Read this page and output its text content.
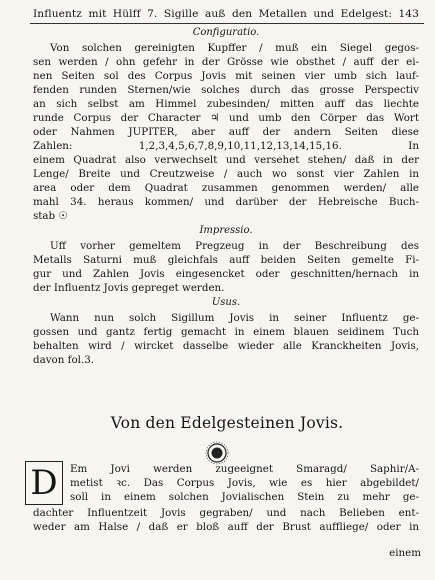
Influentz mit Hülff 7. Sigille auß den Metallen und Edelgest: 143

Configuratio.

Von solchen gereinigten Kupffer / muß ein Siegel gegos-

sen werden / ohn gefehr in der Grösse wie obsthet / auff der ei-

nen Seiten sol des Corpus Jovis mit seinen vier umb sich lauf-

fenden runden Sternen/wie solches durch das grosse Perspectiv

an sich selbst am Himmel zubesinden/ mitten auff das liechte

runde Corpus der Character ♃ und umb den Cörper das Wort

oder Nahmen JUPITER, aber auff der andern Seiten diese

Zahlen: 1,2,3,4,5,6,7,8,9,10,11,12,13,14,15,16. In

einem Quadrat also verwechselt und versehet stehen/ daß in der

Lenge/ Breite und Creutzweise / auch wo sonst vier Zahlen in

area oder dem Quadrat zusammen genommen werden/ alle

mahl 34. heraus kommen/ und darüber der Hebreische Buch-

stab ☉

Impressio.

Uff vorher gemeltem Pregzeug in der Beschreibung des

Metalls Saturni muß gleichfals auff beiden Seiten gemelte Fi-

gur und Zahlen Jovis eingesencket oder geschnitten/hernach in

der Influentz Jovis gepreget werden.

Usus.

Wann nun solch Sigillum Jovis in seiner Influentz ge-

gossen und gantz fertig gemacht in einem blauen seidinem Tuch

behalten wird / wircket dasselbe wieder alle Kranckheiten Jovis,

davon fol.3.

Von den Edelgesteinen Jovis.

D	Em Jovi werden zugeeignet Smaragd/ Saphir/A-

metist ꝛc. Das Corpus Jovis, wie es hier abgebildet/

soll in einem solchen Jovialischen Stein zu mehr ge-

dachter Influentzeit Jovis gegraben/ und nach Belieben ent-

weder am Halse / daß er bloß auff der Brust auffliege/ oder in

einem
